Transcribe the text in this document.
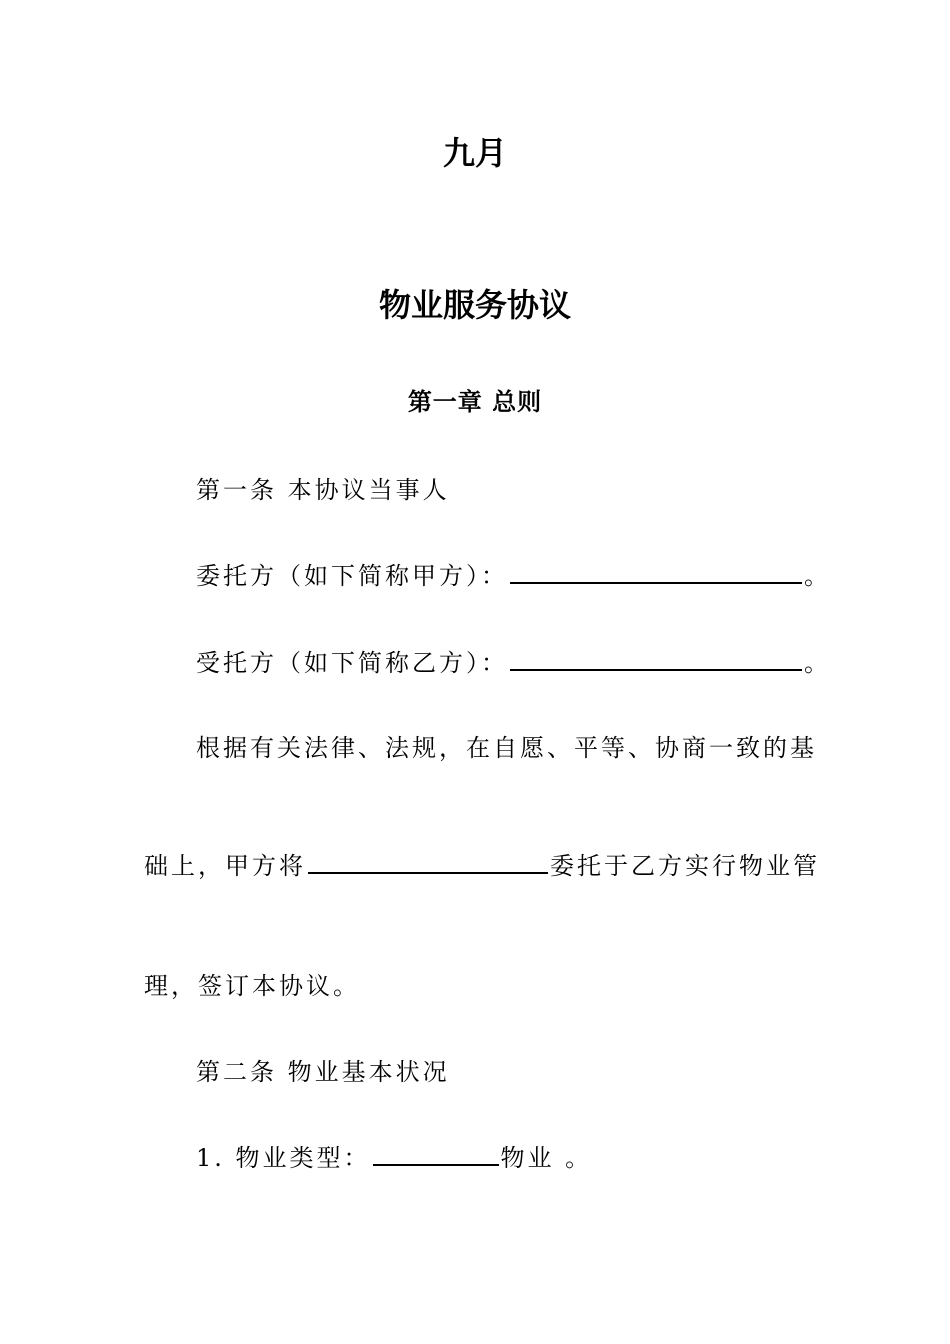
九月
物业服务协议
第一章 总则
第一条 本协议当事人
委托方（如下简称甲方）：	。
受托方（如下简称乙方）：	。
根据有关法律、法规，在自愿、平等、协商一致的基
础上，甲方将	委托于乙方实行物业管
理，签订本协议。
第二条 物业基本状况
1. 物业类型：	物业 。
